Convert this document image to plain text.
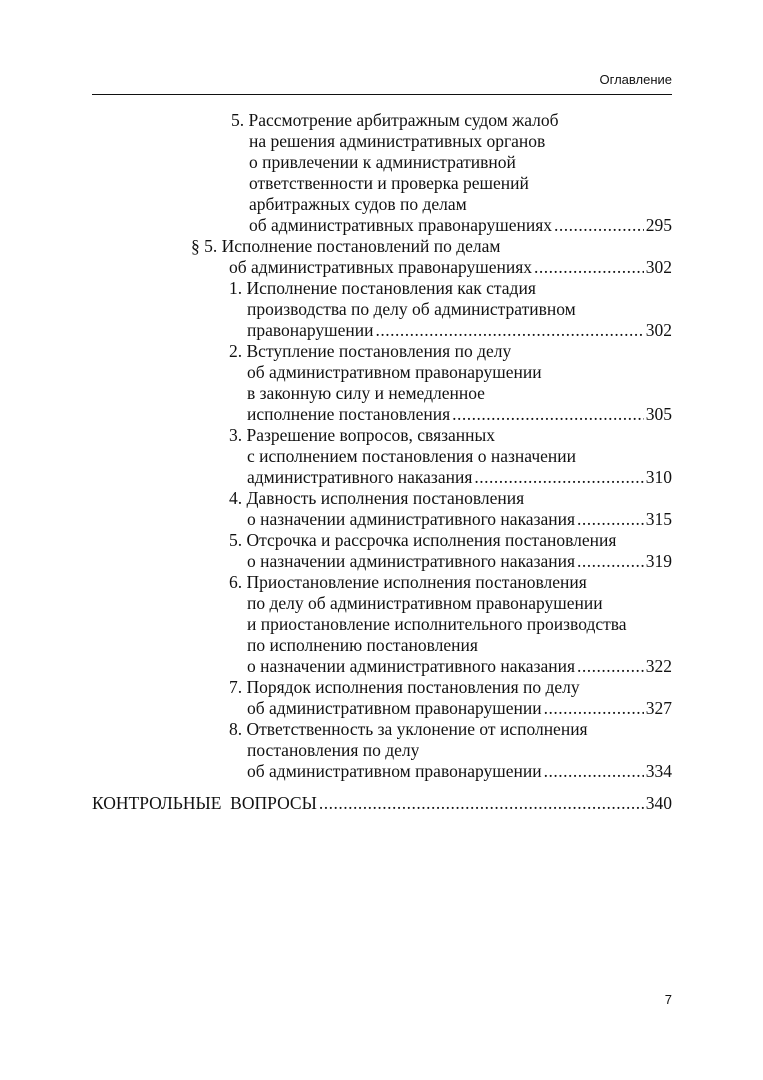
Оглавление
5. Рассмотрение арбитражным судом жалоб
на решения административных органов
о привлечении к административной
ответственности и проверка решений
арбитражных судов по делам
об административных правонарушениях .....	295
§ 5. Исполнение постановлений по делам
об административных правонарушениях .....	302
1. Исполнение постановления как стадия
производства по делу об административном
правонарушении .....	302
2. Вступление постановления по делу
об административном правонарушении
в законную силу и немедленное
исполнение постановления .....	305
3. Разрешение вопросов, связанных
с исполнением постановления о назначении
административного наказания .....	310
4. Давность исполнения постановления
о назначении административного наказания .....	315
5. Отсрочка и рассрочка исполнения постановления
о назначении административного наказания .....	319
6. Приостановление исполнения постановления
по делу об административном правонарушении
и приостановление исполнительного производства
по исполнению постановления
о назначении административного наказания .....	322
7. Порядок исполнения постановления по делу
об административном правонарушении .....	327
8. Ответственность за уклонение от исполнения
постановления по делу
об административном правонарушении .....	334
КОНТРОЛЬНЫЕ  ВОПРОСЫ .....	340
7
